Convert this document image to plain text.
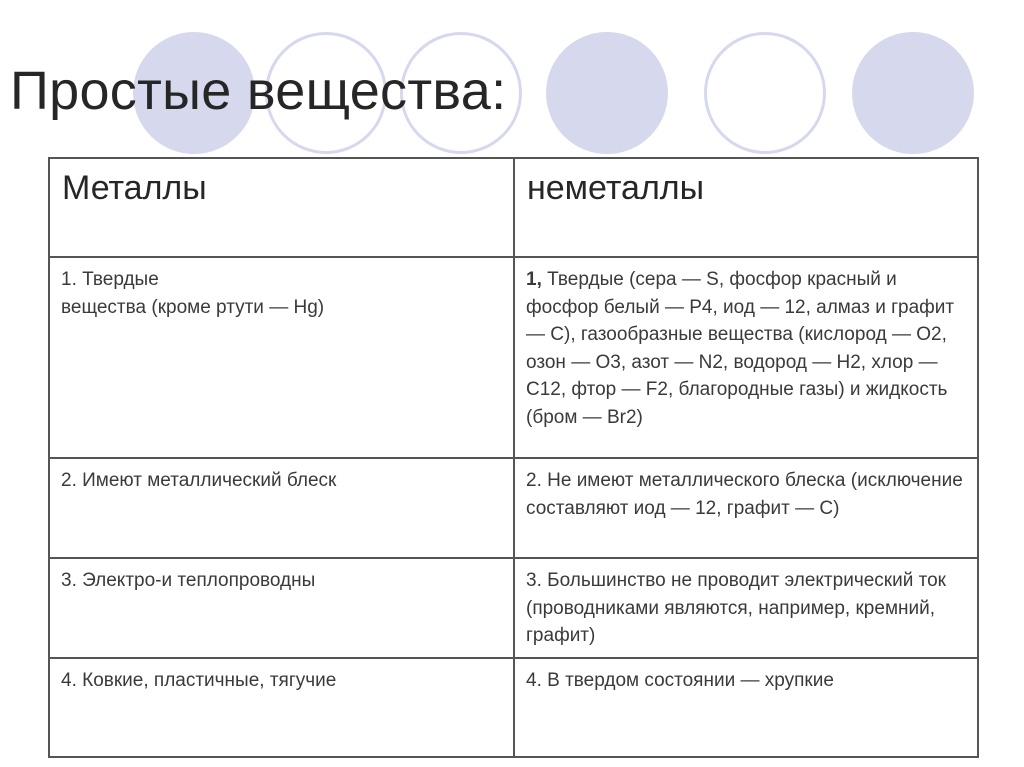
Простые вещества:
Металлы	неметаллы
1. Твердые
вещества (кроме ртути — Hg)	1, Твердые (сера — S, фосфор красный и фосфор белый — Р4, иод — 12, алмаз и графит — С), газообразные вещества (кислород — О2, озон — О3, азот — N2, водород — Н2, хлор — С12, фтор — F2, благородные газы) и жидкость (бром — Вr2)
2. Имеют металлический блеск	2. Не имеют металлического блеска (исключение составляют иод — 12, графит — С)
3. Электро-и теплопроводны	3. Большинство не проводит электрический ток (проводниками являются, например, кремний, графит)
4. Ковкие, пластичные, тягучие	4. В твердом состоянии — хрупкие
